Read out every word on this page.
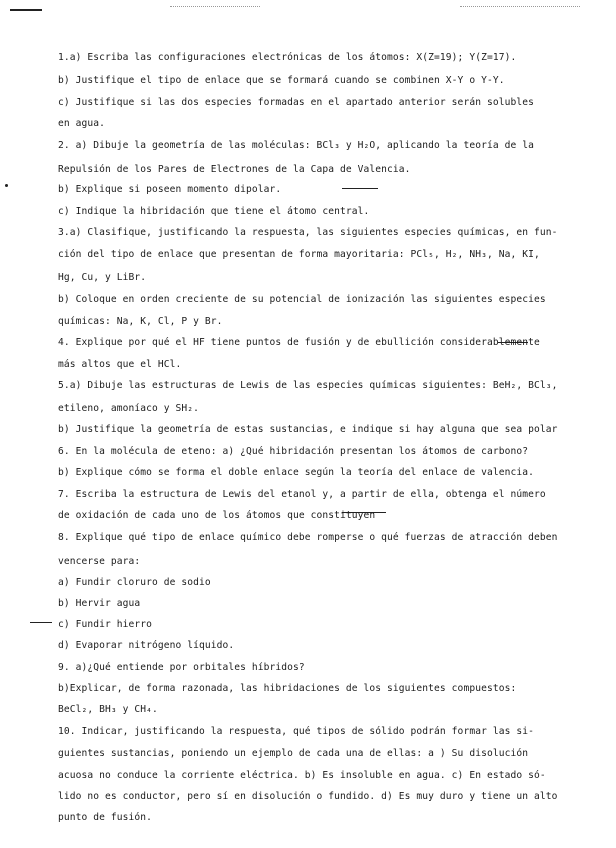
1.a) Escriba las configuraciones electrónicas de los átomos: X(Z=19); Y(Z=17).
b) Justifique el tipo de enlace que se formará cuando se combinen X-Y o Y-Y.
c) Justifique si las dos especies formadas en el apartado anterior serán solubles
en agua.
2. a) Dibuje la geometría de las moléculas: BCl₃ y H₂O, aplicando la teoría de la
Repulsión de los Pares de Electrones de la Capa de Valencia.
b) Explique si poseen momento dipolar.
c) Indique la hibridación que tiene el átomo central.
3.a) Clasifique, justificando la respuesta, las siguientes especies químicas, en fun-
ción del tipo de enlace que presentan de forma mayoritaria: PCl₅, H₂, NH₃, Na, KI,
Hg, Cu, y LiBr.
b) Coloque en orden creciente de su potencial de ionización las siguientes especies
químicas: Na, K, Cl, P y Br.
4. Explique por qué el HF tiene puntos de fusión y de ebullición considerablemente
más altos que el HCl.
5.a) Dibuje las estructuras de Lewis de las especies químicas siguientes: BeH₂, BCl₃,
etileno, amoníaco y SH₂.
b) Justifique la geometría de estas sustancias, e indique si hay alguna que sea polar
6. En la molécula de eteno: a) ¿Qué hibridación presentan los átomos de carbono?
b) Explique cómo se forma el doble enlace según la teoría del enlace de valencia.
7. Escriba la estructura de Lewis del etanol y, a partir de ella, obtenga el número
de oxidación de cada uno de los átomos que constituyen
8. Explique qué tipo de enlace químico debe romperse o qué fuerzas de atracción deben
vencerse para:
a) Fundir cloruro de sodio
b) Hervir agua
c) Fundir hierro
d) Evaporar nitrógeno líquido.
9. a)¿Qué entiende por orbitales híbridos?
b)Explicar, de forma razonada, las hibridaciones de los siguientes compuestos:
BeCl₂, BH₃ y CH₄.
10. Indicar, justificando la respuesta, qué tipos de sólido podrán formar las si-
guientes sustancias, poniendo un ejemplo de cada una de ellas: a ) Su disolución
acuosa no conduce la corriente eléctrica. b) Es insoluble en agua. c) En estado só-
lido no es conductor, pero sí en disolución o fundido. d) Es muy duro y tiene un alto
punto de fusión.
